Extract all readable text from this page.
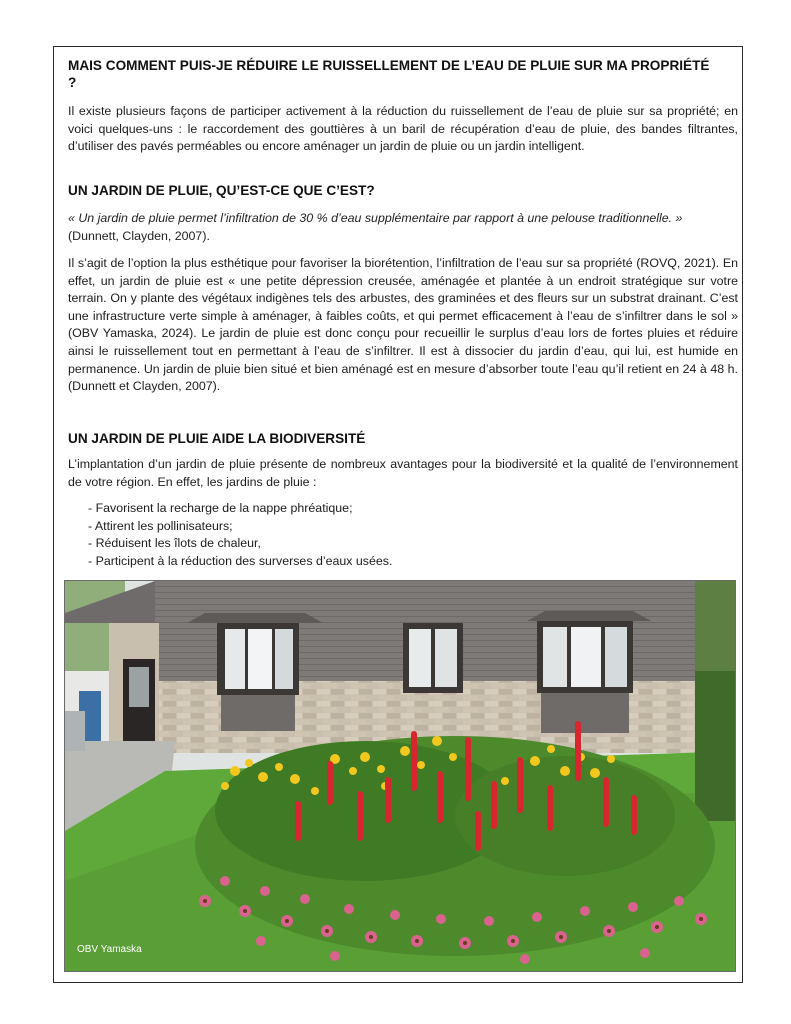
MAIS COMMENT PUIS-JE RÉDUIRE LE RUISSELLEMENT DE L’EAU DE PLUIE SUR MA PROPRIÉTÉ ?

Il existe plusieurs façons de participer activement à la réduction du ruissellement de l’eau de pluie sur sa propriété; en voici quelques-uns : le raccordement des gouttières à un baril de récupération d’eau de pluie, des bandes filtrantes, d’utiliser des pavés perméables ou encore aménager un jardin de pluie ou un jardin intelligent.

UN JARDIN DE PLUIE, QU’EST-CE QUE C’EST?

« Un jardin de pluie permet l’infiltration de 30 % d’eau supplémentaire par rapport à une pelouse traditionnelle. » (Dunnett, Clayden, 2007).

Il s’agit de l’option la plus esthétique pour favoriser la biorétention, l’infiltration de l’eau sur sa propriété (ROVQ, 2021). En effet, un jardin de pluie est « une petite dépression creusée, aménagée et plantée à un endroit stratégique sur votre terrain. On y plante des végétaux indigènes tels des arbustes, des graminées et des fleurs sur un substrat drainant. C’est une infrastructure verte simple à aménager, à faibles coûts, et qui permet efficacement à l’eau de s’infiltrer dans le sol » (OBV Yamaska, 2024). Le jardin de pluie est donc conçu pour recueillir le surplus d’eau lors de fortes pluies et réduire ainsi le ruissellement tout en permettant à l’eau de s’infiltrer. Il est à dissocier du jardin d’eau, qui lui, est humide en permanence. Un jardin de pluie bien situé et bien aménagé est en mesure d’absorber toute l’eau qu’il retient en 24 à 48 h. (Dunnett et Clayden, 2007).

UN JARDIN DE PLUIE AIDE LA BIODIVERSITÉ

L’implantation d’un jardin de pluie présente de nombreux avantages pour la biodiversité et la qualité de l’environnement de votre région. En effet, les jardins de pluie :

- Favorisent la recharge de la nappe phréatique;
- Attirent les pollinisateurs;
- Réduisent les îlots de chaleur,
- Participent à la réduction des surverses d’eaux usées.
OBV Yamaska
